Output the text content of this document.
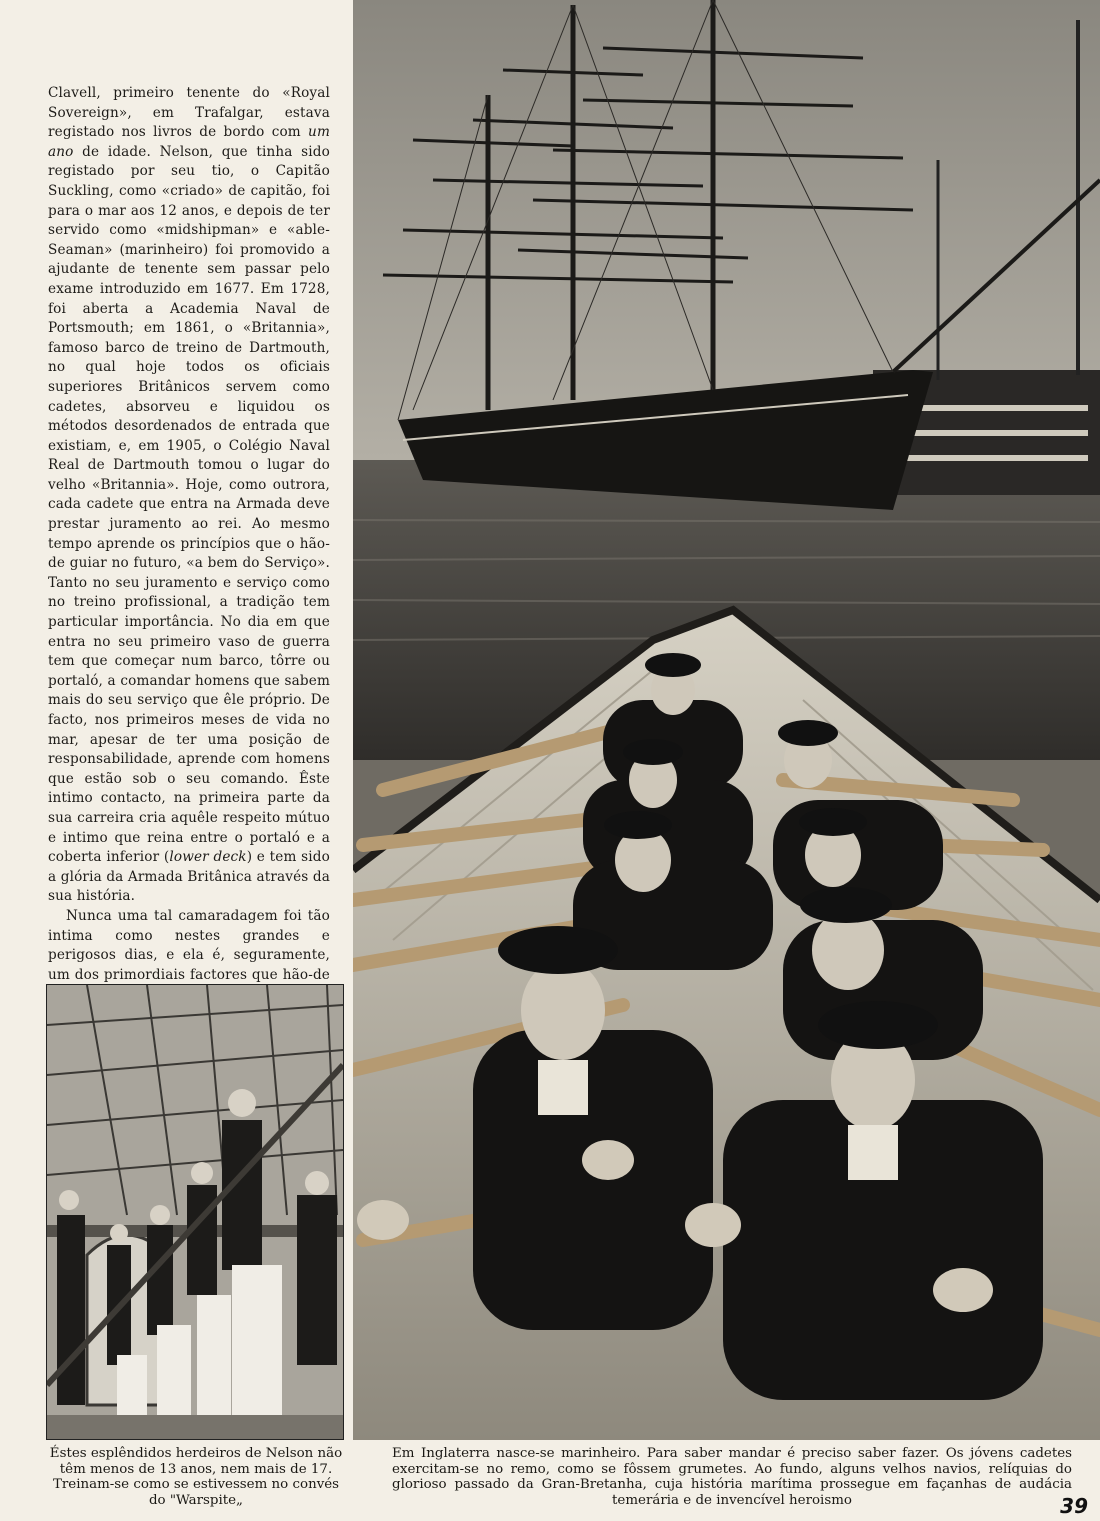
Clavell, primeiro tenente do «Royal Sovereign», em Trafalgar, estava registado nos livros de bordo com um ano de idade. Nelson, que tinha sido registado por seu tio, o Capitão Suckling, como «criado» de capitão, foi para o mar aos 12 anos, e depois de ter servido como «midshipman» e «able-Seaman» (marinheiro) foi promovido a ajudante de tenente sem passar pelo exame introduzido em 1677. Em 1728, foi aberta a Academia Naval de Portsmouth; em 1861, o «Britannia», famoso barco de treino de Dartmouth, no qual hoje todos os oficiais superiores Britânicos servem como cadetes, absorveu e liquidou os métodos desordenados de entrada que existiam, e, em 1905, o Colégio Naval Real de Dartmouth tomou o lugar do velho «Britannia». Hoje, como outrora, cada cadete que entra na Armada deve prestar juramento ao rei. Ao mesmo tempo aprende os princípios que o hão-de guiar no futuro, «a bem do Serviço». Tanto no seu juramento e serviço como no treino profissional, a tradição tem particular importância. No dia em que entra no seu primeiro vaso de guerra tem que começar num barco, tôrre ou portaló, a comandar homens que sabem mais do seu serviço que êle próprio. De facto, nos primeiros meses de vida no mar, apesar de ter uma posição de responsabilidade, aprende com homens que estão sob o seu comando. Êste intimo contacto, na primeira parte da sua carreira cria aquêle respeito mútuo e intimo que reina entre o portaló e a coberta inferior (lower deck) e tem sido a glória da Armada Britânica através da sua história.

Nunca uma tal camaradagem foi tão intima como nestes grandes e perigosos dias, e ela é, seguramente, um dos primordiais factores que hão-de

Éstes esplêndidos herdeiros de Nelson não têm menos de 13 anos, nem mais de 17. Treinam-se como se estivessem no convés do "Warspite„
Em Inglaterra nasce-se marinheiro. Para saber mandar é preciso saber fazer. Os jóvens cadetes exercitam-se no remo, como se fôssem grumetes. Ao fundo, alguns velhos navios, relíquias do glorioso passado da Gran-Bretanha, cuja história marítima prossegue em façanhas de audácia temerária e de invencível heroismo	39
